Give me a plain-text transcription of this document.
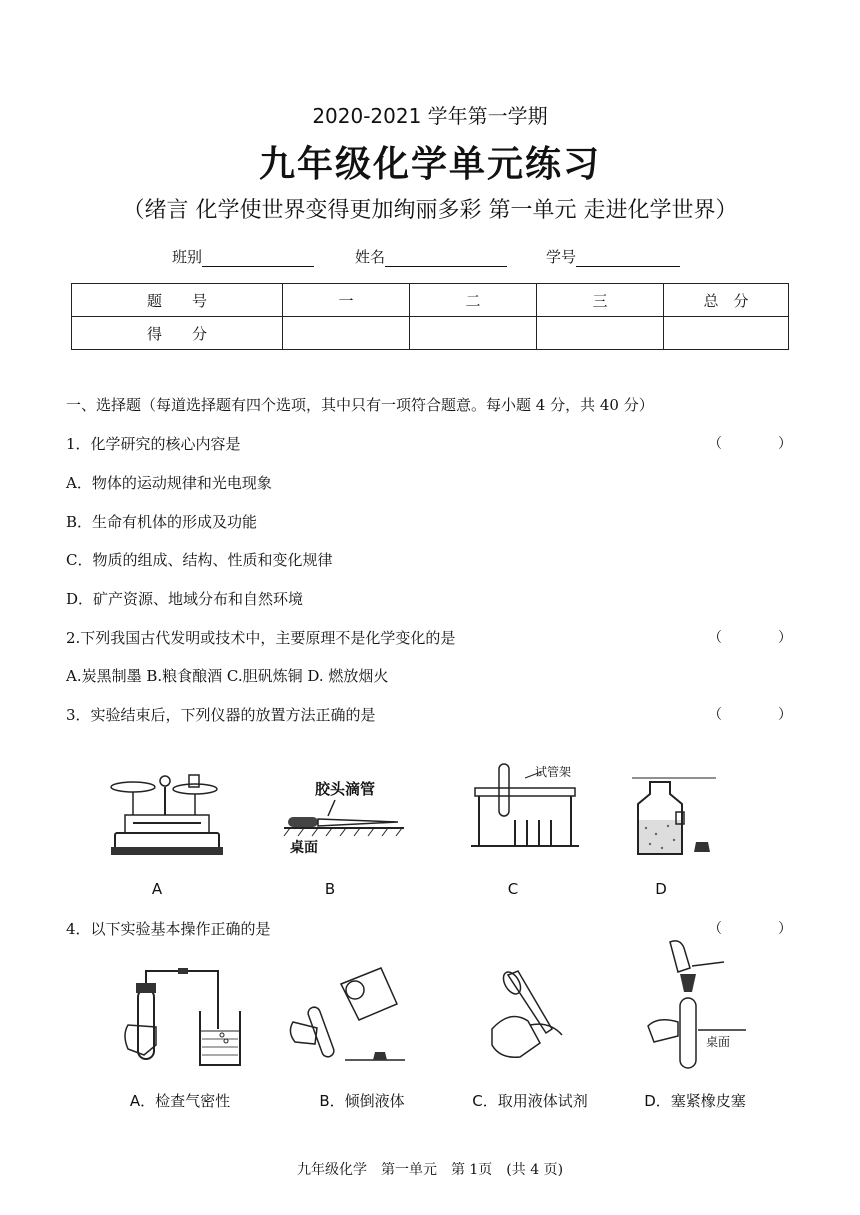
2020-2021 学年第一学期
九年级化学单元练习
（绪言 化学使世界变得更加绚丽多彩 第一单元 走进化学世界）
班别	姓名	学号
题　　号	一	二	三	总　分
得　　分				
一、选择题（每道选择题有四个选项，其中只有一项符合题意。每小题 4 分，共 40 分）
1．化学研究的核心内容是	（　　　　）
A．物体的运动规律和光电现象
B．生命有机体的形成及功能
C．物质的组成、结构、性质和变化规律
D．矿产资源、地域分布和自然环境
2.下列我国古代发明或技术中，主要原理不是化学变化的是	（　　　　）
A.炭黑制墨 B.粮食酿酒 C.胆矾炼铜 D. 燃放烟火
3．实验结束后，下列仪器的放置方法正确的是	（　　　　）
胶头滴管
桌面
试管架
A	B	C	D
4．以下实验基本操作正确的是	（　　　　）
桌面
A．检查气密性	B．倾倒液体	C．取用液体试剂	D．塞紧橡皮塞
九年级化学　第一单元　第 1页　(共 4 页)
